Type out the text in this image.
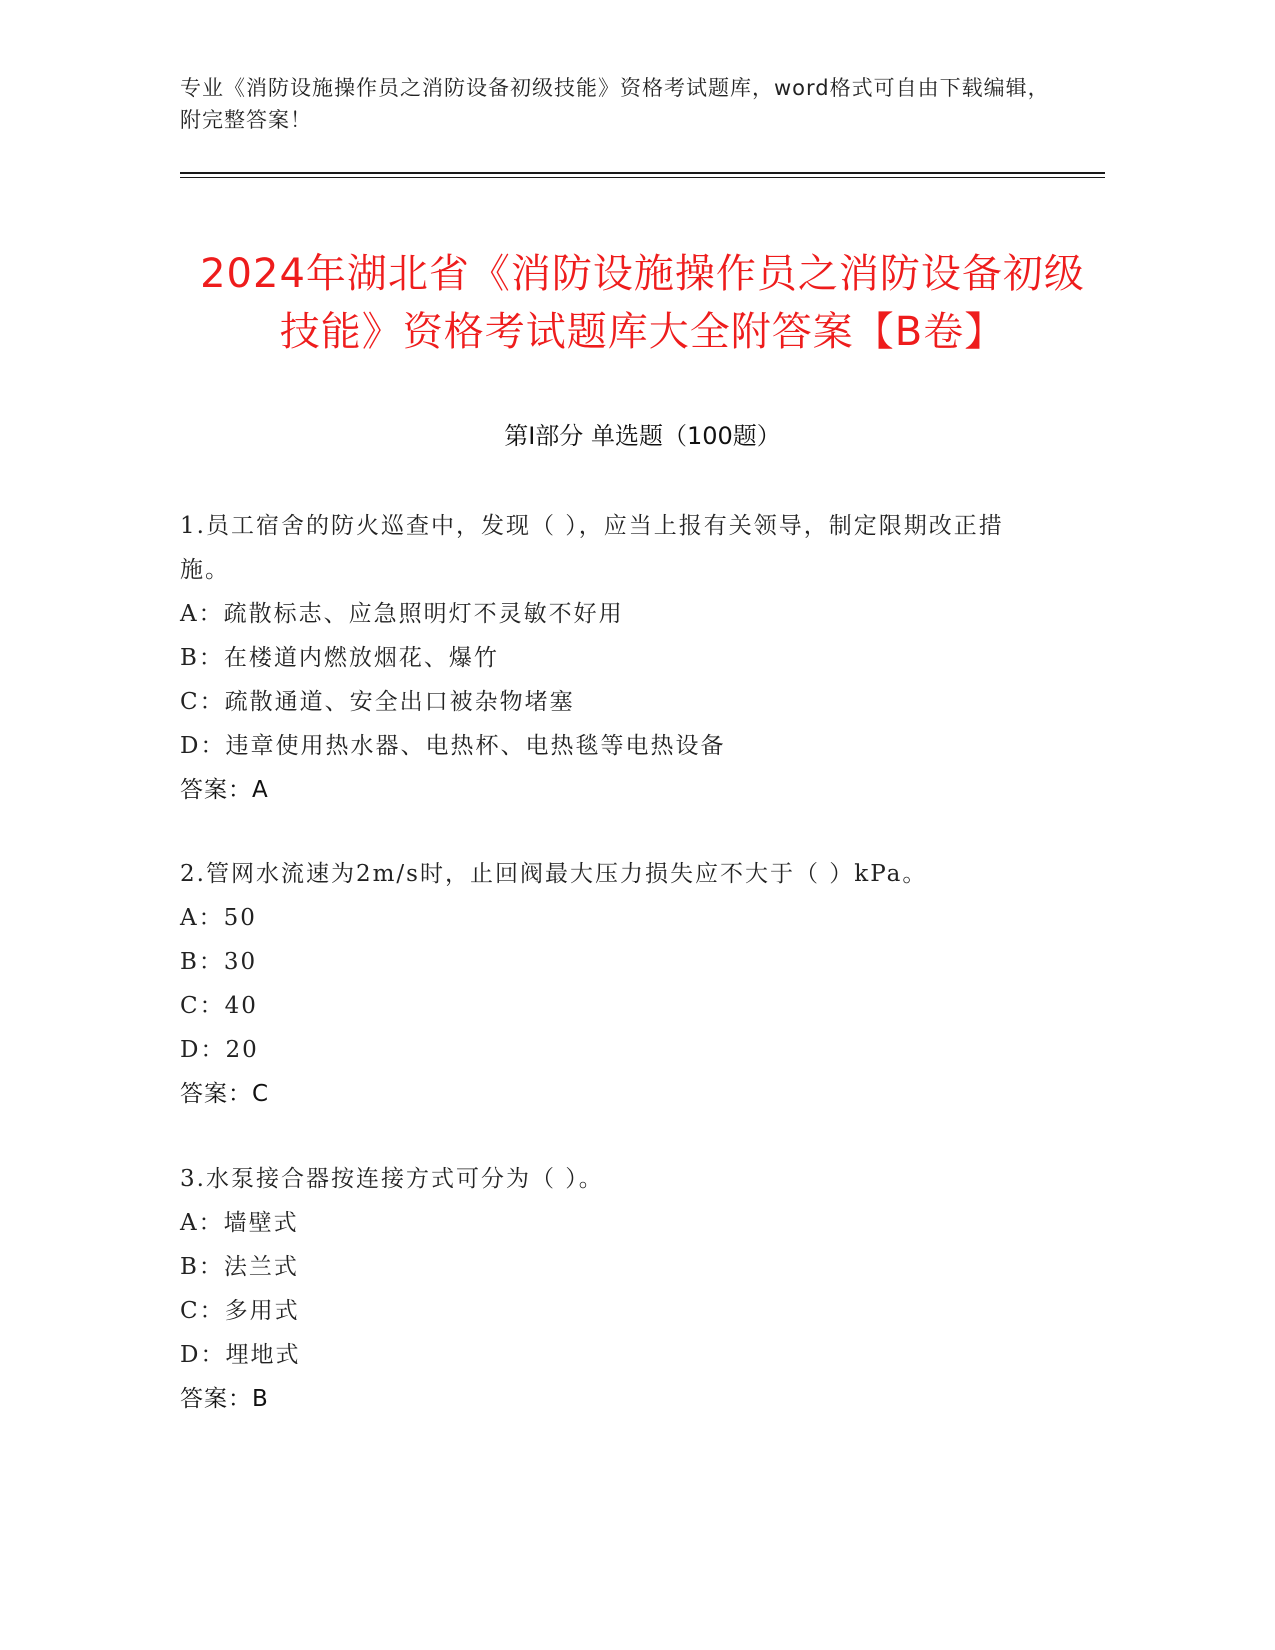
专业《消防设施操作员之消防设备初级技能》资格考试题库，word格式可自由下载编辑，附完整答案！
2024年湖北省《消防设施操作员之消防设备初级技能》资格考试题库大全附答案【B卷】
第I部分 单选题（100题）
1.员工宿舍的防火巡查中，发现（ ），应当上报有关领导，制定限期改正措施。
A：疏散标志、应急照明灯不灵敏不好用
B：在楼道内燃放烟花、爆竹
C：疏散通道、安全出口被杂物堵塞
D：违章使用热水器、电热杯、电热毯等电热设备
答案：A
2.管网水流速为2m/s时，止回阀最大压力损失应不大于（ ）kPa。
A：50
B：30
C：40
D：20
答案：C
3.水泵接合器按连接方式可分为（ ）。
A：墙壁式
B：法兰式
C：多用式
D：埋地式
答案：B
